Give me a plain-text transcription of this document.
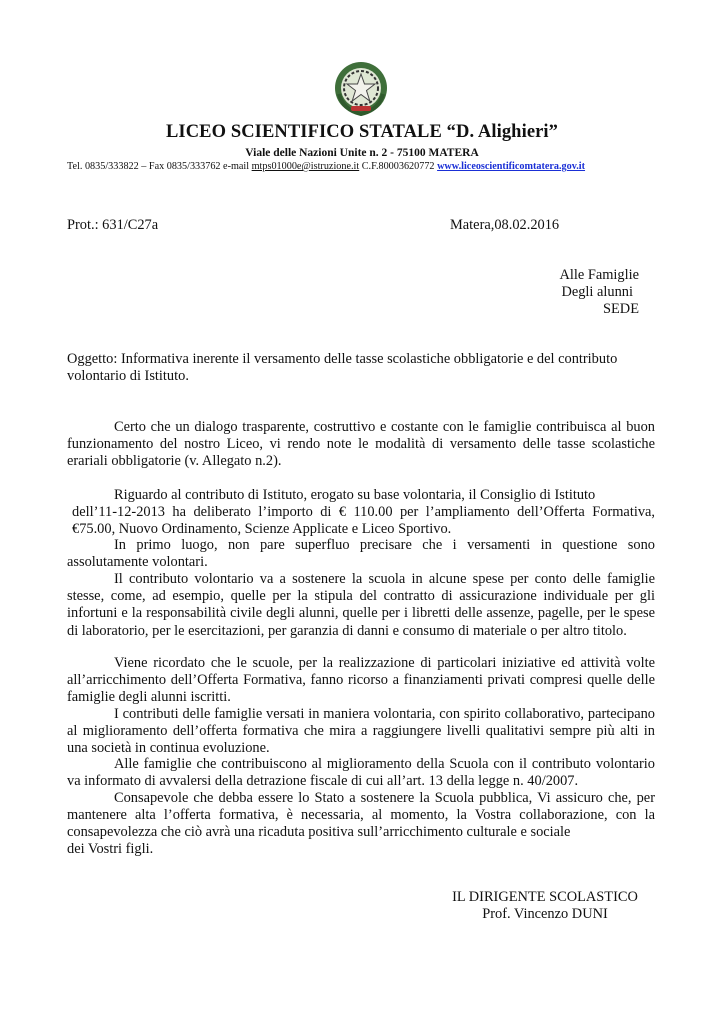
LICEO SCIENTIFICO STATALE “D. Alighieri”
Viale delle Nazioni Unite n. 2 - 75100 MATERA
Tel. 0835/333822 – Fax 0835/333762 e-mail mtps01000e@istruzione.it C.F.80003620772 www.liceoscientificomtatera.gov.it
Prot.: 631/C27a	Matera,08.02.2016
Alle Famiglie
Degli alunni
SEDE
Oggetto: Informativa inerente il versamento delle tasse scolastiche obbligatorie e del contributo
volontario di Istituto.
Certo che un dialogo trasparente, costruttivo e costante con le famiglie contribuisca al buon
funzionamento del nostro Liceo, vi rendo note le modalità di versamento delle tasse scolastiche erariali obbligatorie (v. Allegato n.2).
Riguardo al contributo di Istituto, erogato su base volontaria, il Consiglio di Istituto
dell’11-12-2013 ha deliberato l’importo di € 110.00 per l’ampliamento dell’Offerta Formativa, €75.00, Nuovo Ordinamento, Scienze Applicate e Liceo Sportivo.
In primo luogo, non pare superfluo precisare che i versamenti in questione sono assolutamente volontari.
Il contributo volontario va a sostenere la scuola in alcune spese per conto delle famiglie stesse, come, ad esempio, quelle per la stipula del contratto di assicurazione individuale per gli infortuni e la responsabilità civile degli alunni, quelle per i libretti delle assenze, pagelle, per le spese di laboratorio, per le esercitazioni, per garanzia di danni e consumo di materiale o per altro titolo.
Viene ricordato che le scuole, per la realizzazione di particolari iniziative ed attività volte all’arricchimento dell’Offerta Formativa, fanno ricorso a finanziamenti privati compresi quelle delle famiglie degli alunni iscritti.
I contributi delle famiglie versati in maniera volontaria, con spirito collaborativo, partecipano al miglioramento dell’offerta formativa che mira a raggiungere livelli qualitativi sempre più alti in una società in continua evoluzione.
Alle famiglie che contribuiscono al miglioramento della Scuola con il contributo volontario va informato di avvalersi della detrazione fiscale di cui all’art. 13 della legge n. 40/2007.
Consapevole che debba essere lo Stato a sostenere la Scuola pubblica, Vi assicuro che, per mantenere alta l’offerta formativa, è necessaria, al momento, la Vostra collaborazione, con la consapevolezza che ciò avrà una ricaduta positiva sull’arricchimento culturale e sociale
dei Vostri figli.
IL DIRIGENTE SCOLASTICO
Prof. Vincenzo DUNI
